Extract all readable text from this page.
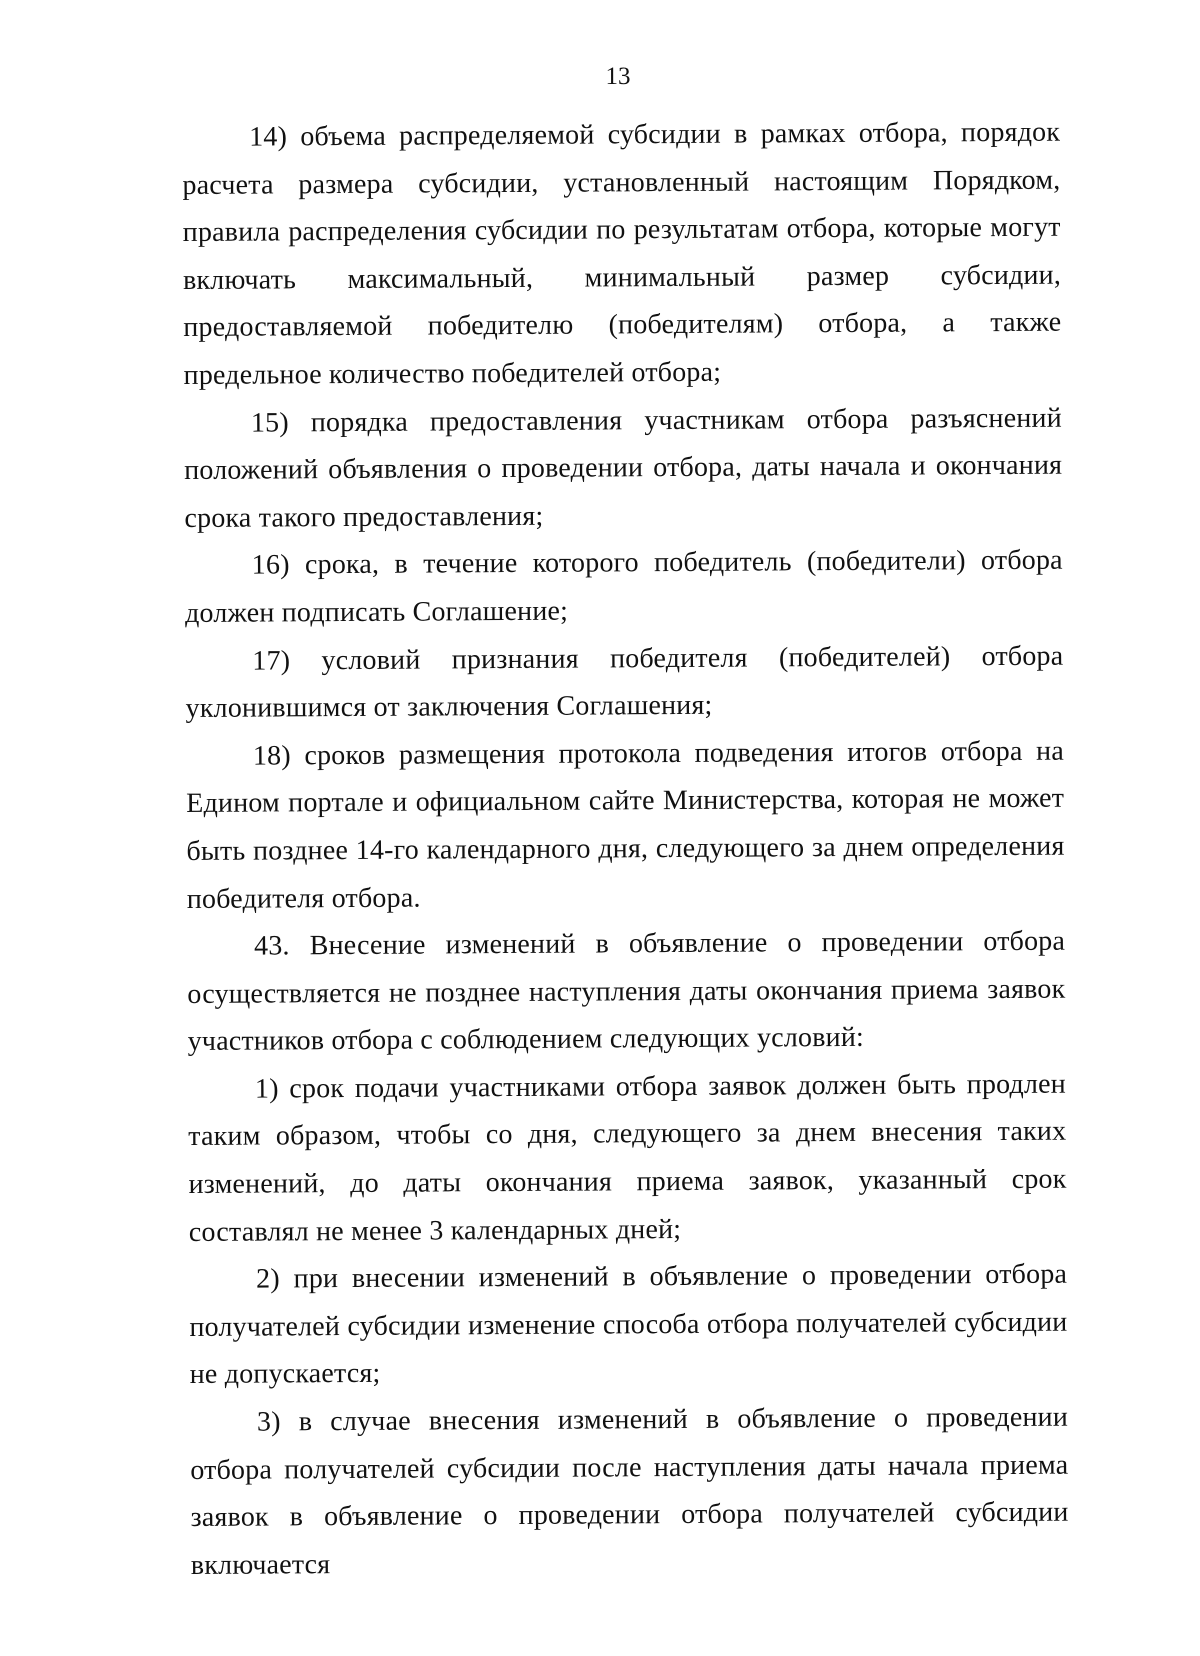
13

14) объема распределяемой субсидии в рамках отбора, порядок расчета размера субсидии, установленный настоящим Порядком, правила распределения субсидии по результатам отбора, которые могут включать максимальный, минимальный размер субсидии, предоставляемой победителю (победителям) отбора, а также предельное количество победителей отбора;

15) порядка предоставления участникам отбора разъяснений положений объявления о проведении отбора, даты начала и окончания срока такого предоставления;

16) срока, в течение которого победитель (победители) отбора должен подписать Соглашение;

17) условий признания победителя (победителей) отбора уклонившимся от заключения Соглашения;

18) сроков размещения протокола подведения итогов отбора на Едином портале и официальном сайте Министерства, которая не может быть позднее 14-го календарного дня, следующего за днем определения победителя отбора.

43. Внесение изменений в объявление о проведении отбора осуществляется не позднее наступления даты окончания приема заявок участников отбора с соблюдением следующих условий:

1) срок подачи участниками отбора заявок должен быть продлен таким образом, чтобы со дня, следующего за днем внесения таких изменений, до даты окончания приема заявок, указанный срок составлял не менее 3 календарных дней;

2) при внесении изменений в объявление о проведении отбора получателей субсидии изменение способа отбора получателей субсидии не допускается;

3) в случае внесения изменений в объявление о проведении отбора получателей субсидии после наступления даты начала приема заявок в объявление о проведении отбора получателей субсидии включается
